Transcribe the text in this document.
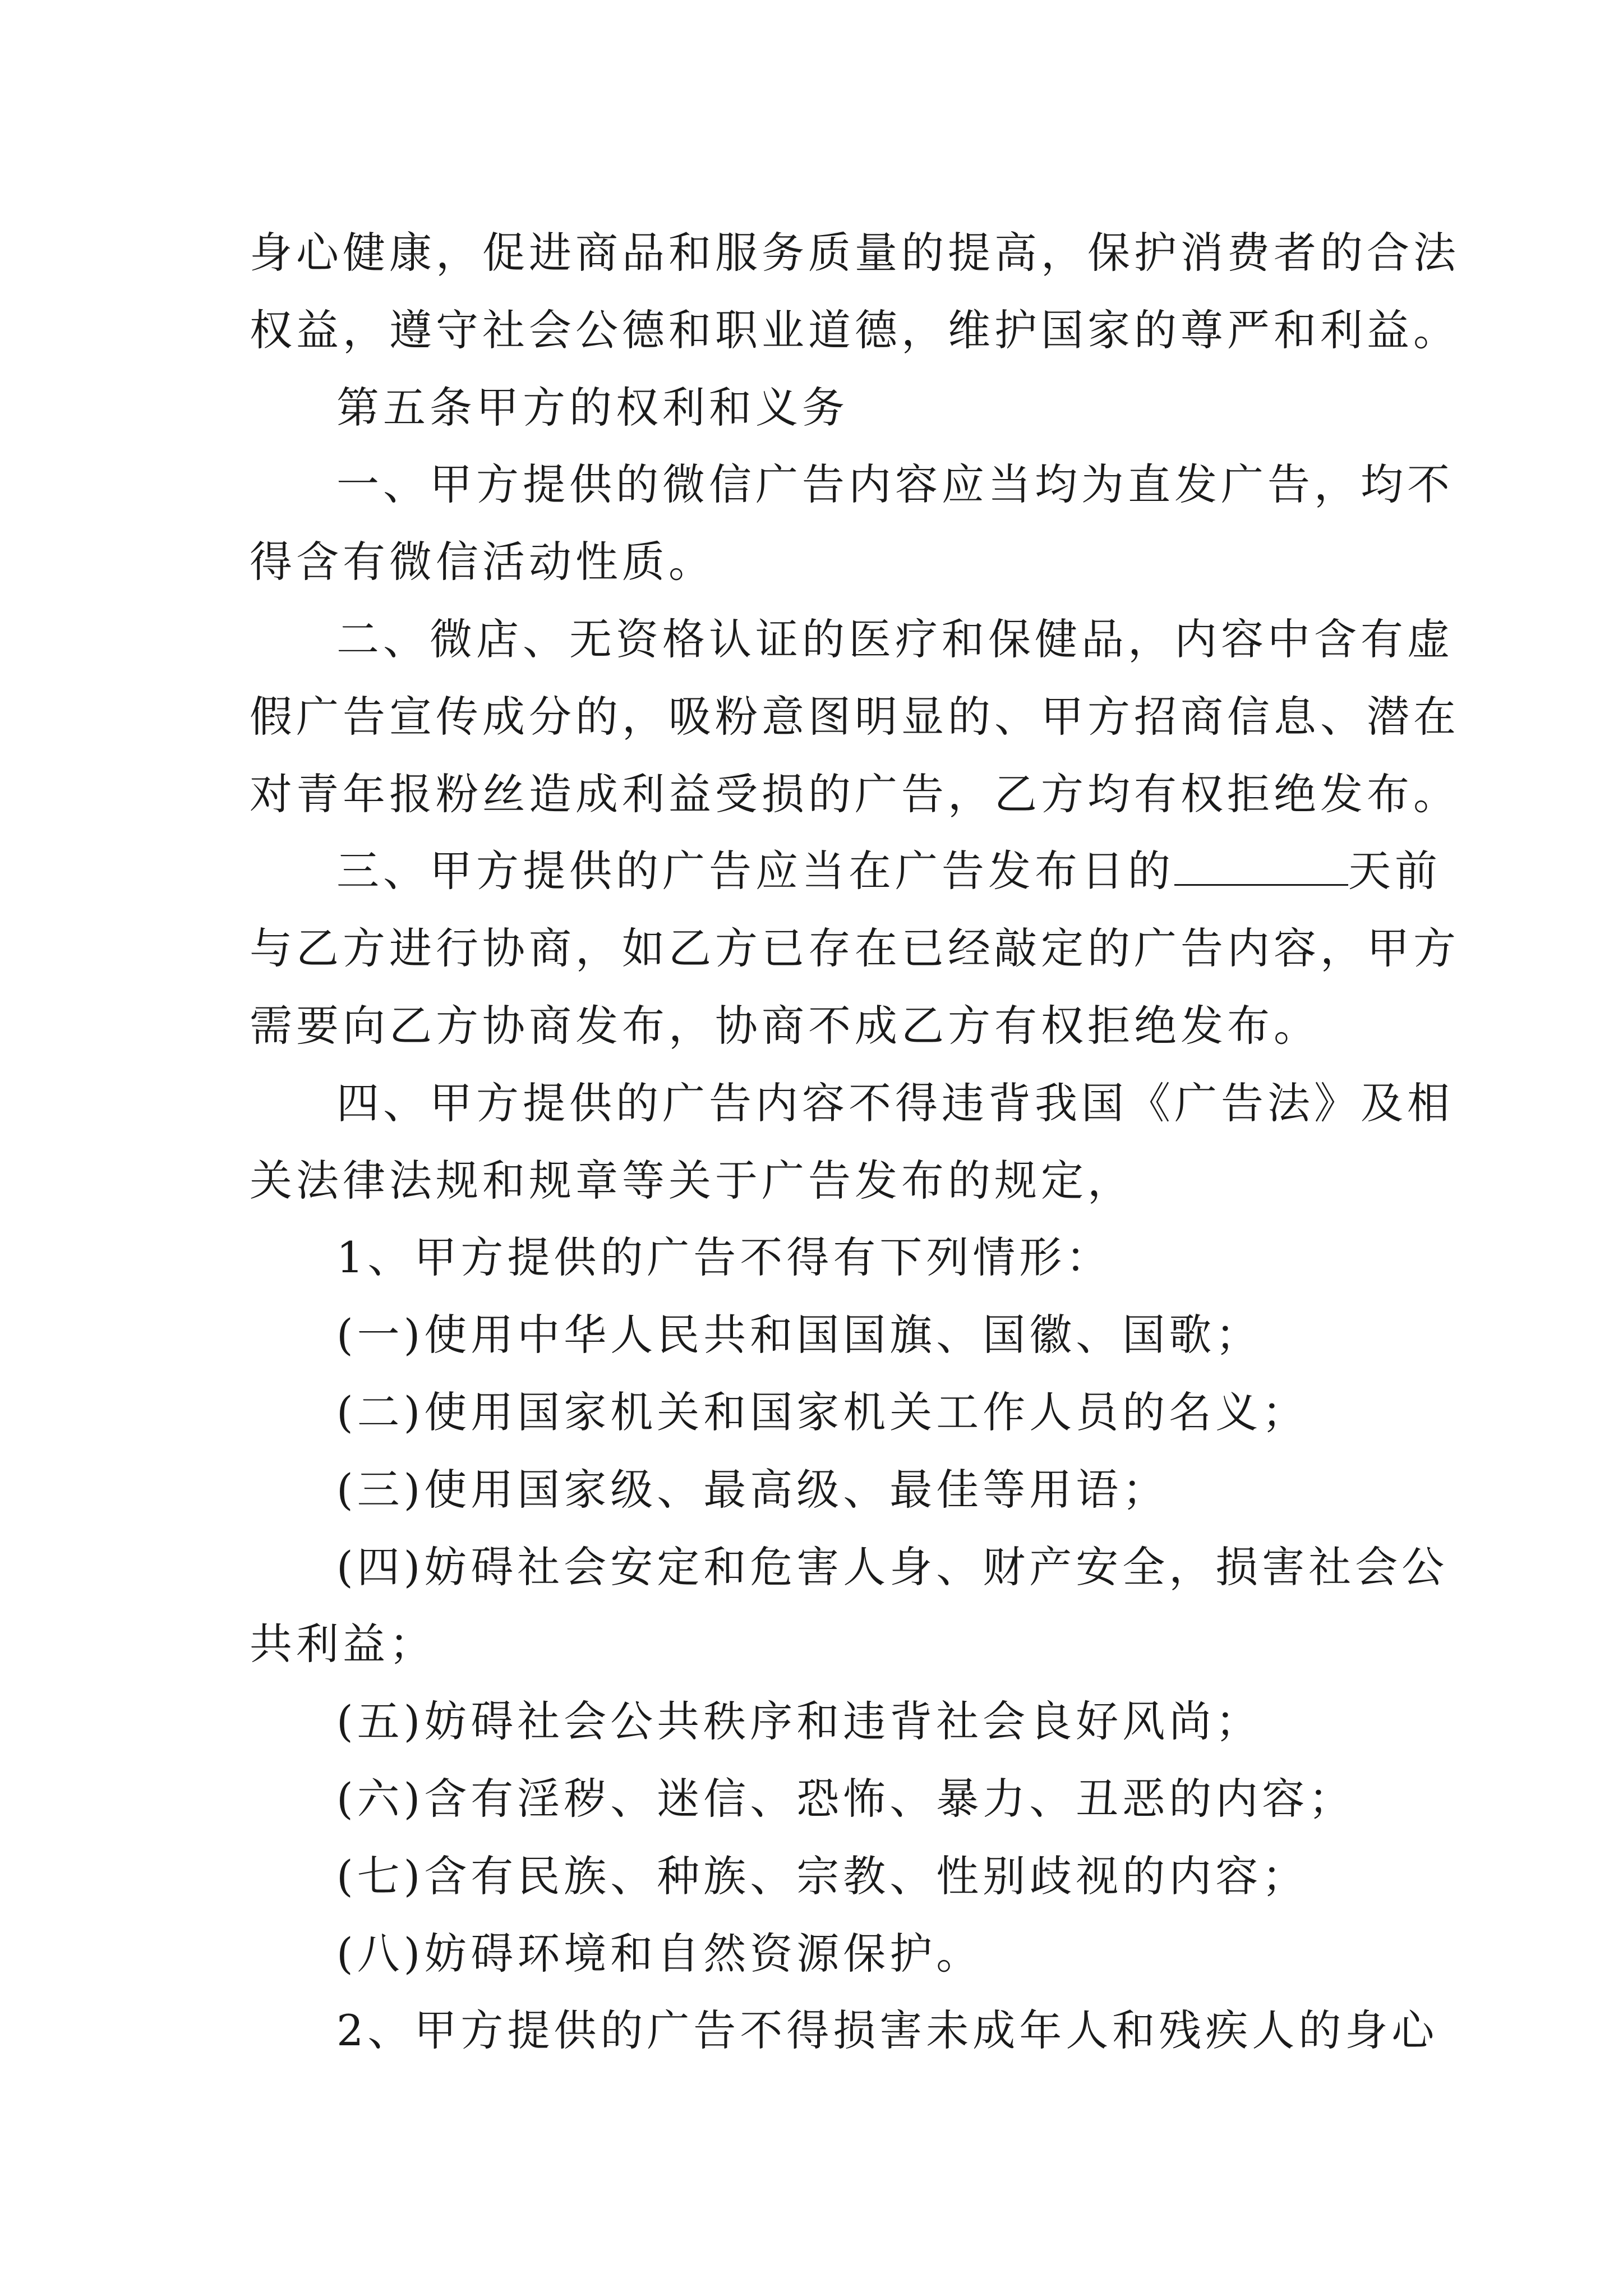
身心健康，促进商品和服务质量的提高，保护消费者的合法
权益，遵守社会公德和职业道德，维护国家的尊严和利益。
第五条甲方的权利和义务
一、甲方提供的微信广告内容应当均为直发广告，均不
得含有微信活动性质。
二、微店、无资格认证的医疗和保健品，内容中含有虚
假广告宣传成分的，吸粉意图明显的、甲方招商信息、潜在
对青年报粉丝造成利益受损的广告，乙方均有权拒绝发布。
三、甲方提供的广告应当在广告发布日的	天前
与乙方进行协商，如乙方已存在已经敲定的广告内容，甲方
需要向乙方协商发布，协商不成乙方有权拒绝发布。
四、甲方提供的广告内容不得违背我国《广告法》及相
关法律法规和规章等关于广告发布的规定，
1、甲方提供的广告不得有下列情形：
(一)使用中华人民共和国国旗、国徽、国歌；
(二)使用国家机关和国家机关工作人员的名义；
(三)使用国家级、最高级、最佳等用语；
(四)妨碍社会安定和危害人身、财产安全，损害社会公
共利益；
(五)妨碍社会公共秩序和违背社会良好风尚；
(六)含有淫秽、迷信、恐怖、暴力、丑恶的内容；
(七)含有民族、种族、宗教、性别歧视的内容；
(八)妨碍环境和自然资源保护。
2、甲方提供的广告不得损害未成年人和残疾人的身心
